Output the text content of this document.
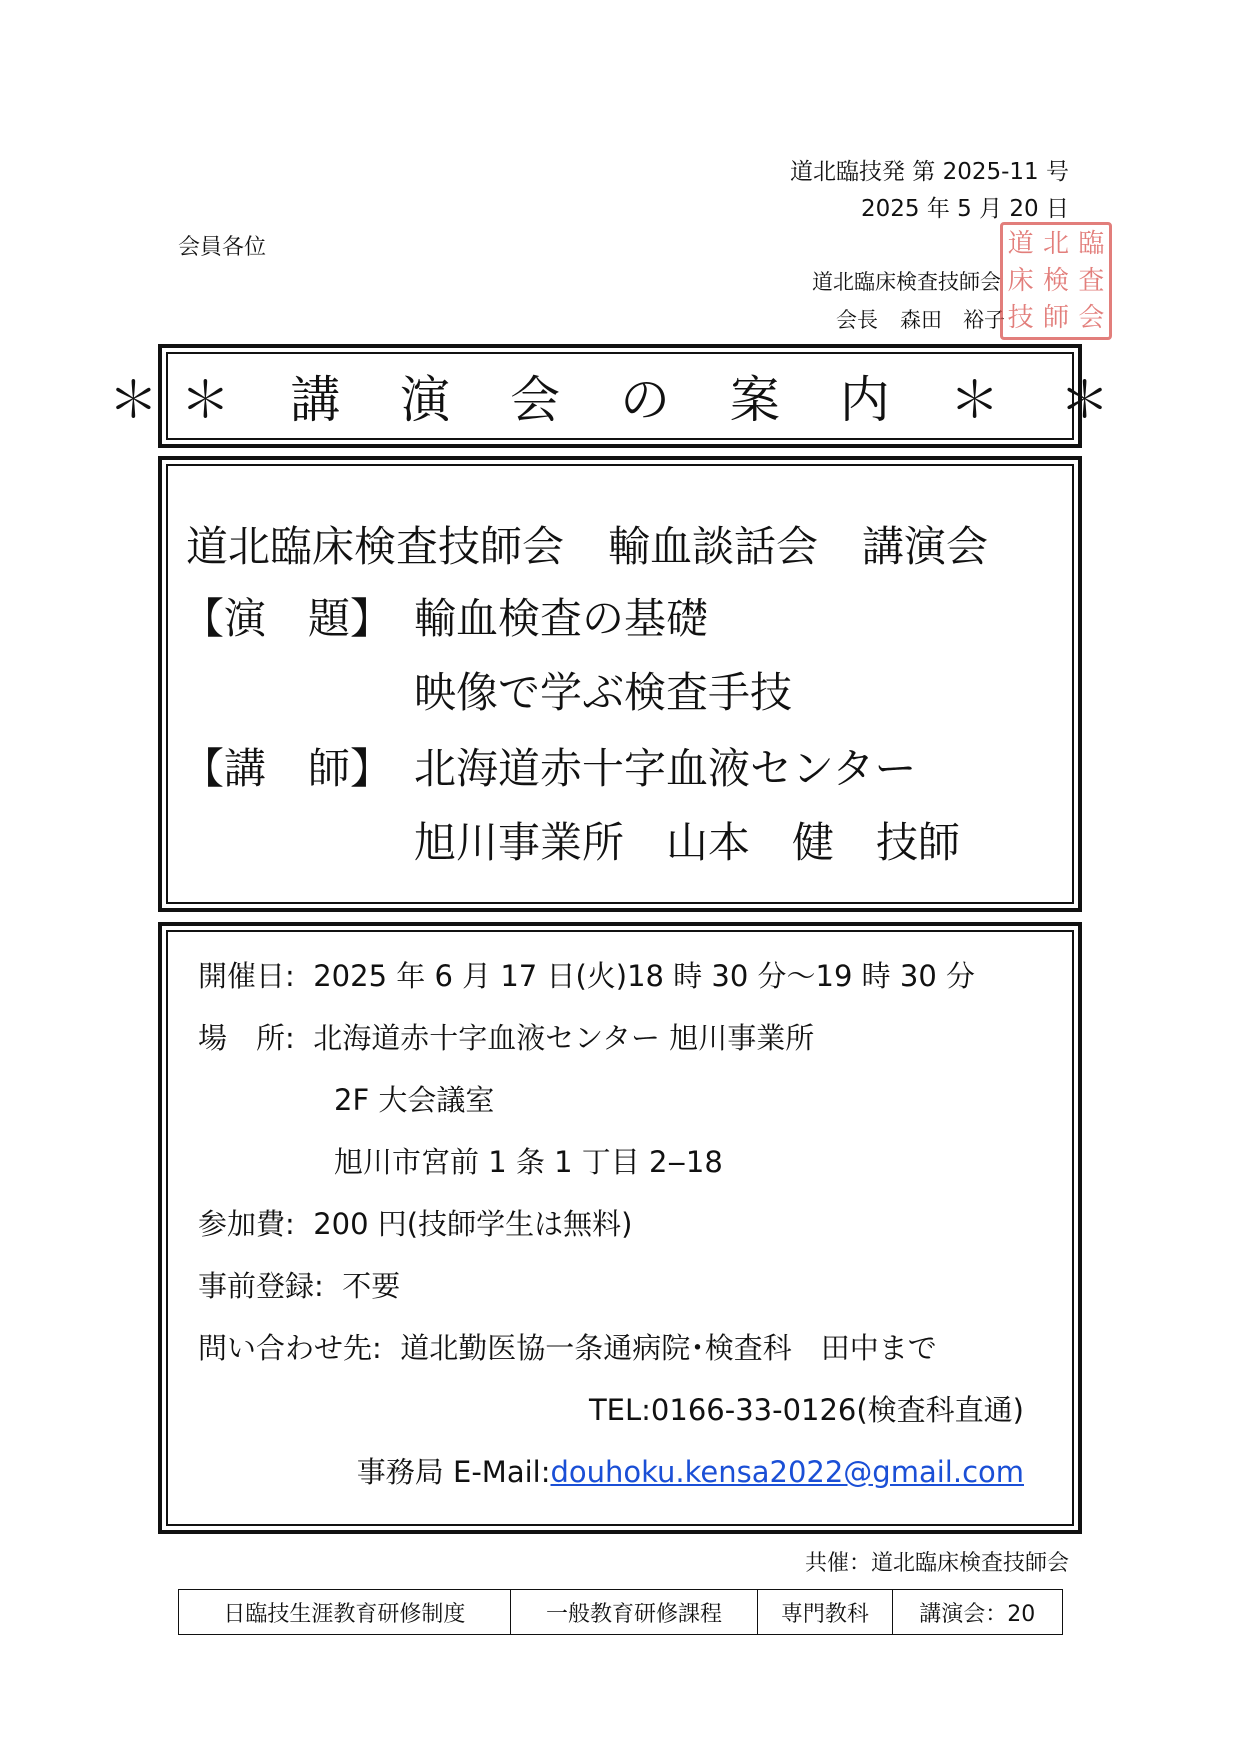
道北臨技発 第 2025-11 号
2025 年 5 月 20 日
会員各位
道北臨床検査技師会
会長 森田　裕子
道 北 臨
床 検 査
技 師 会
＊＊ 講 演 会 の 案 内 ＊ ＊
道北臨床検査技師会 輸血談話会 講演会
【演　題】 輸血検査の基礎
映像で学ぶ検査手技
【講　師】 北海道赤十字血液センター
旭川事業所　山本　健　技師
開催日: 2025 年 6 月 17 日(火)18 時 30 分〜19 時 30 分
場　所: 北海道赤十字血液センター 旭川事業所
2F 大会議室
旭川市宮前 1 条 1 丁目 2‒18
参加費: 200 円(技師学生は無料)
事前登録: 不要
問い合わせ先: 道北勤医協一条通病院･検査科　田中まで
TEL:0166-33-0126(検査科直通)
事務局 E-Mail:douhoku.kensa2022@gmail.com
共催：道北臨床検査技師会
日臨技生涯教育研修制度	一般教育研修課程	専門教科	講演会：20
